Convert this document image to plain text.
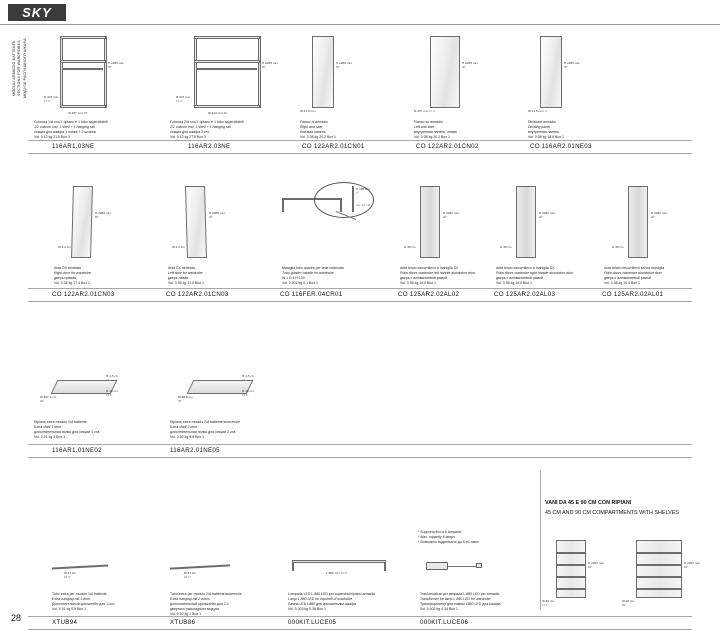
SKY
MODULI ARMADIO BATTENTE SECTIONS FOR WARDROBES МОДУЛИ РАСПАШНОГО ШКАФА	H.2286 mm
90"
D.437 mm
17 ¼"
W.457 mm 18"
Colonna 1/A con 1 ripiano e 1 tubo appendiabiti
1/2 column incl. 1 shelf + 1 hanging rail
секция для шкафа 1 полка + 1 штанга
Vol. 0.12 kg 21.6 Box 3
H.2286 mm
90"
D.437 mm
17 ¼"
W.914 mm 36"
Colonna 2/A con 1 ripiano e 1 tubo appendiabiti
2/2 column incl. 1 shelf + 1 hanging rail
секция для шкафа 2 сто
Vol. 0.12 kg 27.6 Box 3
H.2286 mm
90"
W.21.5 mm
Fianco di armadio
Right and side
боковая панель
Vol. 0.08 kg 20.2 Box 1
H.2286 mm
90"
D.437 mm 17 ¼"
Fianco su armadio
Left and side
внутренняя панель, левая
Vol. 0.08 kg 20.2 Box 1
H.2286 mm
90"
W.21.5 mm ⅞"
Divisione armadio
Dividing panel
внутренняя панель
Vol. 0.08 kg 16.6 Box 1
116AR1.03NE	116AR2.03NE	CO 122AR2.01CN01	CO 122AR2.01CN02	CO 116AR2.01NE03
H.2286 mm
90"
W.2.2 cm
Anta DX rientrata
Right door for wardrobe
дверь правая
Vol. 0.05 kg 17.4 Box 1
H.2286 mm
90"
W.2.2 cm
Anta SX rientrata
Left door for wardrobe
дверь левая
Vol. 0.05 kg 17.4 Box 1
H 180 mm
7"
mm. 10 x 10
Maniglia tubo quadro per anta intarsiata
Tubo quadro handle for wardrobe
W.1 D.4 H.100
Vol. 0.001 kg 0.1 Box 1
H.2286 mm
90"
D.48 cm
Anta telaio cieco/rilievo a maniglia SX
Plain doors wardrobe left handle aluminium door
дверь с алюминиевой рамой
Vol. 0.08 kg 19.4 Box 1
H.2286 mm
90"
D.48 cm
Anta telaio cieco/rilievo a maniglia DX
Plain doors wardrobe right handle aluminium door
дверь с алюминиевой рамой
Vol. 0.08 kg 19.4 Box 1
H.2286 mm
90"
D.48 cm
Anta telaio cieco/rilievo senza maniglia
Plain doors wardrobe aluminium door
дверь с алюминиевой рамой
Vol. 0.08 kg 19.4 Box 1
CO 122AR2.01CN03	CO 122AR2.01CN03	CO 116FER.04CR01	CO 125AR2.02AL02	CO 125AR2.02AL03	CO 125AR2.02AL01
H.1.8 cm
¾"
D.40 cm
15 ¾"
W.457.2 cm
18"
Ripiano extra modulo 1/A battente
Extra shelf 1 door
дополнительная полка для секции 1 ста
Vol. 0.01 kg 3 Box 1
H.1.8 cm
¾"
D.40 cm
15 ¾"
W.88.8 cm
35"
Ripiano extra modulo 2/A battente/scorrevole
Extra shelf 2 door
дополнительная полка для секции 2 ста
Vol. 0.02 kg 5.5 Box 1
116AR1.01NE02	116AR2.01NE05
VANI DA 45 E 90 CM CON RIPIANI
45 CM AND 90 CM COMPARTMENTS WITH SHELVES
H.2286 mm
90"
W.45 cm
17 ¾"
H.2286 mm
90"
W.90 cm
36"
W.47 cm
18 ½"
Tubo extra per modulo 1/A battente
Extra hanging rail 1 door
Дополнительный кронштейн для 1-ого
Vol. 0.01 kg 0.5 Box 1
W.87 cm
34 ¼"
Tubo extra per modulo 2/A battente/scorrevole
Extra hanging rail 2 doors
дополнительный кронштейн для 2-х
дверного раскладного модуля
Vol. 0.02 kg 1 Box 1
L.880 mm 34 ⅝"
Lampada LED L.880 LED per coperchio/ripiano armadio
Lamp L.880 LED for topshelf of wardrobe
Лампа LED L880 для крыши/полки шкафа
Vol. 0.003 kg 0.38 Box 1
Trasformatore per lampada L.880 LED per armadio
Transformer for lamp L.880 LED for wardrobe
Трансформатор для лампы L880 LED для шкафа
Vol. 0.002 kg 0.34 Box 1
* Supporta fino a 6 lampade
* Max. capacity 6 lamps
* Возможно подключить до 6-ти ламп
XTUB94	XTUB86	000KIT.LUCE05	000KIT.LUCE06
28
